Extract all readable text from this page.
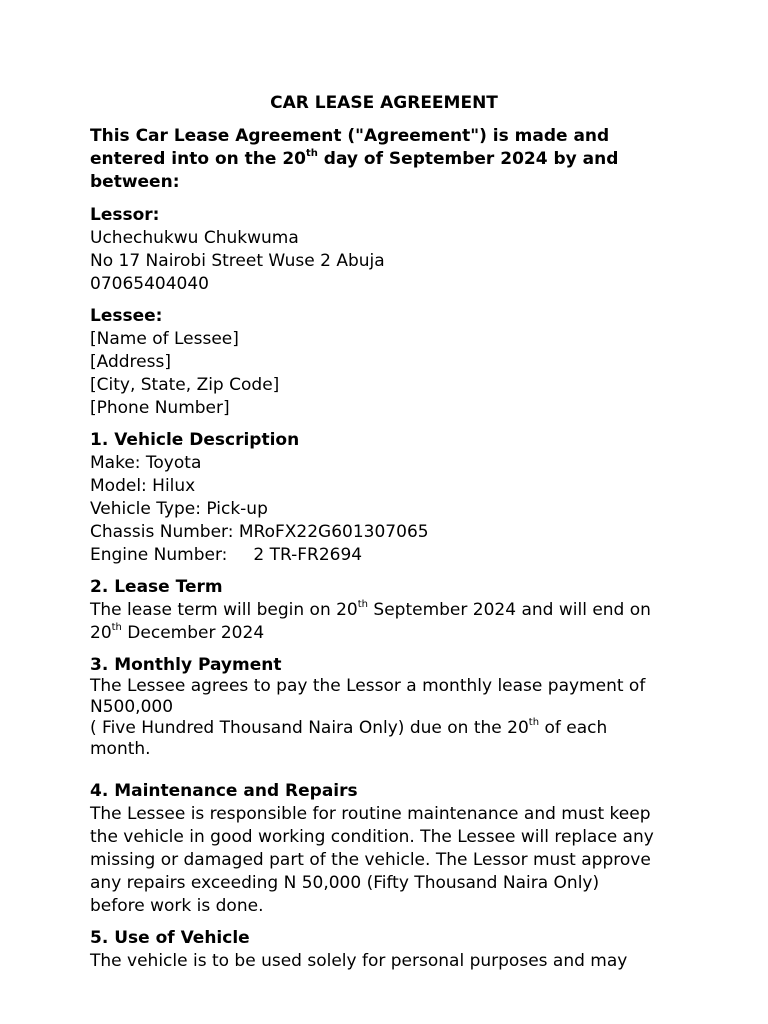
CAR LEASE AGREEMENT
This Car Lease Agreement ("Agreement") is made and
entered into on the 20th day of September 2024 by and
between:
Lessor:
Uchechukwu Chukwuma
No 17 Nairobi Street Wuse 2 Abuja
07065404040
Lessee:
[Name of Lessee]
[Address]
[City, State, Zip Code]
[Phone Number]
1. Vehicle Description
Make: Toyota
Model: Hilux
Vehicle Type: Pick-up
Chassis Number: MRoFX22G601307065
Engine Number: 2 TR-FR2694
2. Lease Term
The lease term will begin on 20th September 2024 and will end on
20th December 2024
3. Monthly Payment
The Lessee agrees to pay the Lessor a monthly lease payment of
N500,000
( Five Hundred Thousand Naira Only) due on the 20th of each
month.
4. Maintenance and Repairs
The Lessee is responsible for routine maintenance and must keep
the vehicle in good working condition. The Lessee will replace any
missing or damaged part of the vehicle. The Lessor must approve
any repairs exceeding N 50,000 (Fifty Thousand Naira Only)
before work is done.
5. Use of Vehicle
The vehicle is to be used solely for personal purposes and may
